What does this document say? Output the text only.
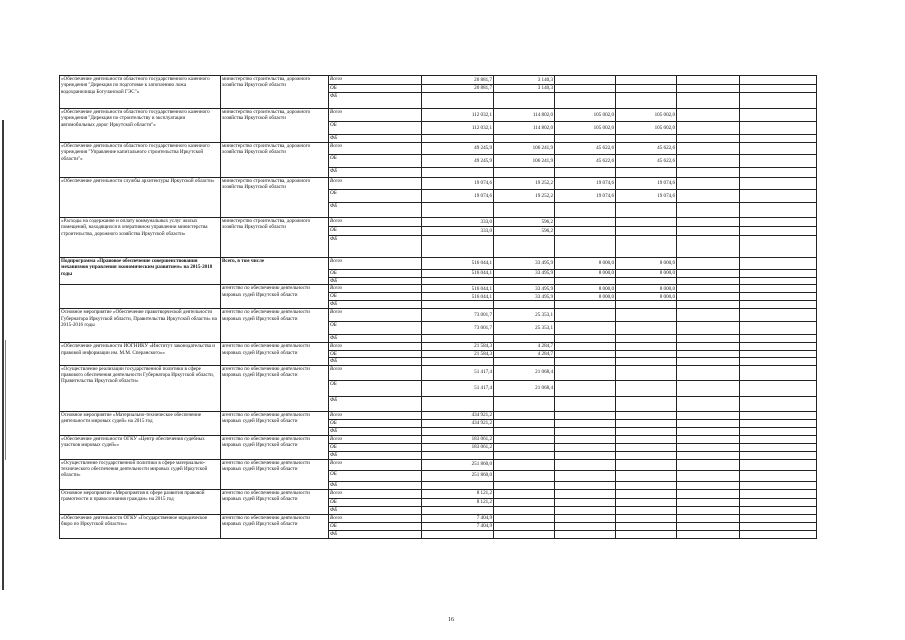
«Обеспечение деятельности областного государственного казенного учреждения "Дирекция по подготовке к затоплению ложа водохранилища Богучанской ГЭС"»	министерство строительства, дорожного хозяйства Иркутской области	Всего	20 881,7	3 140,3					
		ОБ	20 881,7	3 140,3					
		ФБ							
«Обеспечение деятельности областного государственного казенного учреждения "Дирекция по строительству и эксплуатации автомобильных дорог Иркутской области"»	министерство строительства, дорожного хозяйства Иркутской области	Всего	112 032,1	114 802,0	105 002,0	105 002,0			
		ОБ	112 032,1	114 802,0	105 002,0	105 002,0			
		ФБ							
«Обеспечение деятельности областного государственного казенного учреждения "Управление капитального строительства Иркутской области"»	министерство строительства, дорожного хозяйства Иркутской области	Всего	49 245,9	106 241,9	45 622,6	45 622,6			
		ОБ	49 245,9	106 241,9	45 622,6	45 622,6			
		ФБ							
«Обеспечение деятельности службы архитектуры Иркутской области»	министерство строительства, дорожного хозяйства Иркутской области	Всего	19 074,6	19 252,2	19 074,6	19 074,6			
		ОБ	19 074,6	19 252,2	19 074,6	19 074,6			
		ФБ							
«Расходы на содержание и оплату коммунальных услуг жилых помещений, находящихся в оперативном управлении министерства строительства, дорожного хозяйства Иркутской области»	министерство строительства, дорожного хозяйства Иркутской области	Всего	333,0	596,2					
		ОБ	333,0	596,2					
		ФБ							
Подпрограмма «Правовое обеспечение совершенствования механизмов управления экономическим развитием» на 2015-2018 годы	Всего, в том числе	Всего	516 044,1	33 495,9	8 000,0	8 000,0			
		ОБ	516 044,1	33 495,9	8 000,0	8 000,0			
		ФБ							
	агентство по обеспечению деятельности мировых судей Иркутской области	Всего	516 044,1	33 495,9	8 000,0	8 000,0			
		ОБ	516 044,1	33 495,9	8 000,0	8 000,0			
		ФБ							
Основное мероприятие «Обеспечение правотворческой деятельности Губернатора Иркутской области, Правительства Иркутской области» на 2015-2016 годы	агентство по обеспечению деятельности мировых судей Иркутской области	Всего	73 001,7	25 353,1					
		ОБ	73 001,7	25 353,1					
		ФБ							
«Обеспечение деятельности ИОГНИКУ «Институт законодательства и правовой информации им. М.М. Сперанского»»	агентство по обеспечению деятельности мировых судей Иркутской области	Всего	21 584,3	4 284,7					
		ОБ	21 584,3	4 284,7					
		ФБ							
«Осуществление реализации государственной политики в сфере правового обеспечения деятельности Губернатора Иркутской области, Правительства Иркутской области»	агентство по обеспечению деятельности мировых судей Иркутской области	Всего	51 417,4	21 068,4					
		ОБ	51 417,4	21 068,4					
		ФБ							
Основное мероприятие «Материально-техническое обеспечение деятельности мировых судей» на 2015 год	агентство по обеспечению деятельности мировых судей Иркутской области	Всего	434 921,2						
		ОБ	434 921,2						
		ФБ							
«Обеспечение деятельности ОГКУ «Центр обеспечения судебных участков мировых судей»»	агентство по обеспечению деятельности мировых судей Иркутской области	Всего	183 061,2						
		ОБ	183 061,2						
		ФБ							
«Осуществление государственной политики в сфере материально-технического обеспечения деятельности мировых судей Иркутской области»	агентство по обеспечению деятельности мировых судей Иркутской области	Всего	251 860,0						
		ОБ	251 860,0						
		ФБ							
Основное мероприятие «Мероприятия в сфере развития правовой грамотности и правосознания граждан» на 2015 год	агентство по обеспечению деятельности мировых судей Иркутской области	Всего	8 121,2						
		ОБ	8 121,2						
		ФБ							
«Обеспечение деятельности ОГКУ «Государственное юридическое бюро по Иркутской области»»	агентство по обеспечению деятельности мировых судей Иркутской области	Всего	7 404,9						
		ОБ	7 404,9						
		ФБ							
16
